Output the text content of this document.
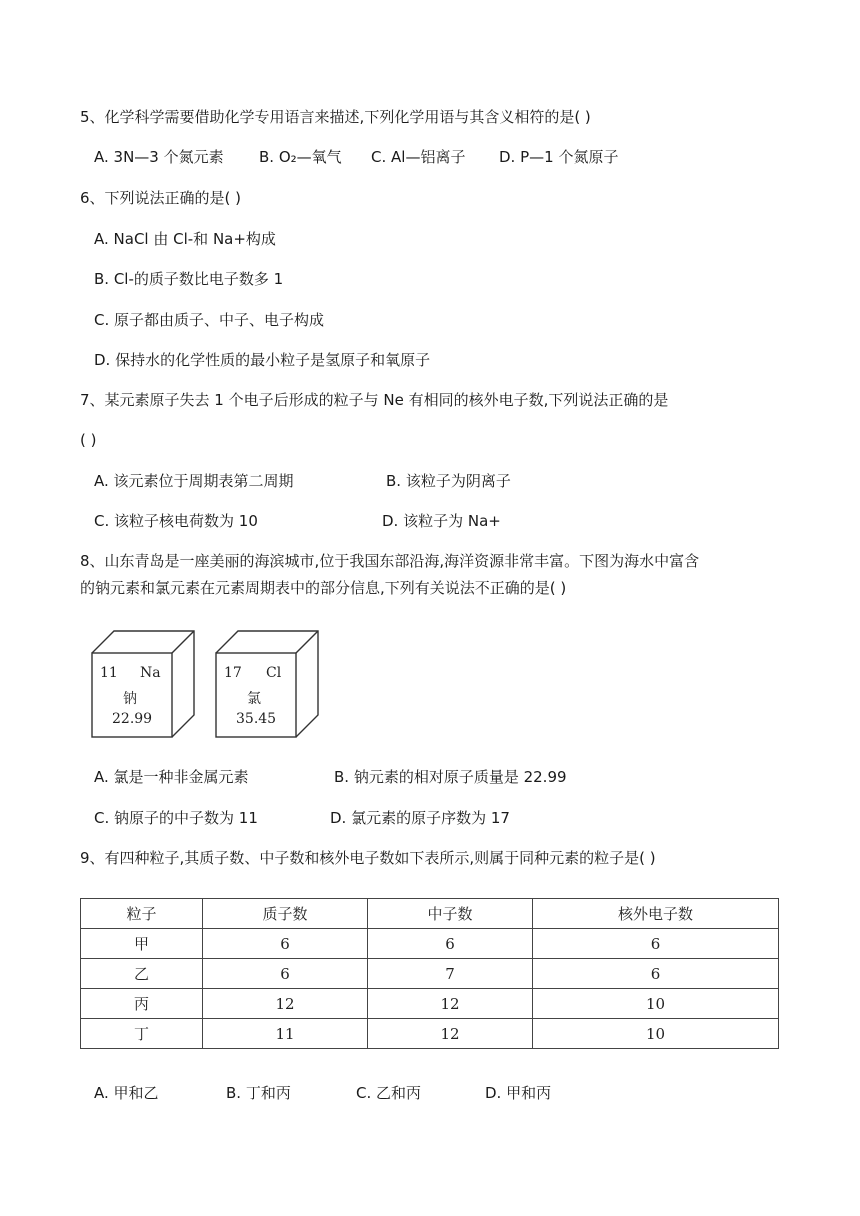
5、化学科学需要借助化学专用语言来描述,下列化学用语与其含义相符的是( )
A. 3N—3 个氮元素 B. O₂—氧气 C. Al—铝离子 D. P—1 个氮原子
6、下列说法正确的是( )
A. NaCl 由 Cl-和 Na+构成
B. Cl-的质子数比电子数多 1
C. 原子都由质子、中子、电子构成
D. 保持水的化学性质的最小粒子是氢原子和氧原子
7、某元素原子失去 1 个电子后形成的粒子与 Ne 有相同的核外电子数,下列说法正确的是
( )
A. 该元素位于周期表第二周期	B. 该粒子为阴离子
C. 该粒子核电荷数为 10	D. 该粒子为 Na+
8、山东青岛是一座美丽的海滨城市,位于我国东部沿海,海洋资源非常丰富。下图为海水中富含
的钠元素和氯元素在元素周期表中的部分信息,下列有关说法不正确的是( )
11 Na
钠
22.99
17 Cl
氯
35.45
A. 氯是一种非金属元素	B. 钠元素的相对原子质量是 22.99
C. 钠原子的中子数为 11	D. 氯元素的原子序数为 17
9、有四种粒子,其质子数、中子数和核外电子数如下表所示,则属于同种元素的粒子是( )
粒子	质子数	中子数	核外电子数
甲	6	6	6
乙	6	7	6
丙	12	12	10
丁	11	12	10
A. 甲和乙	B. 丁和丙	C. 乙和丙	D. 甲和丙
